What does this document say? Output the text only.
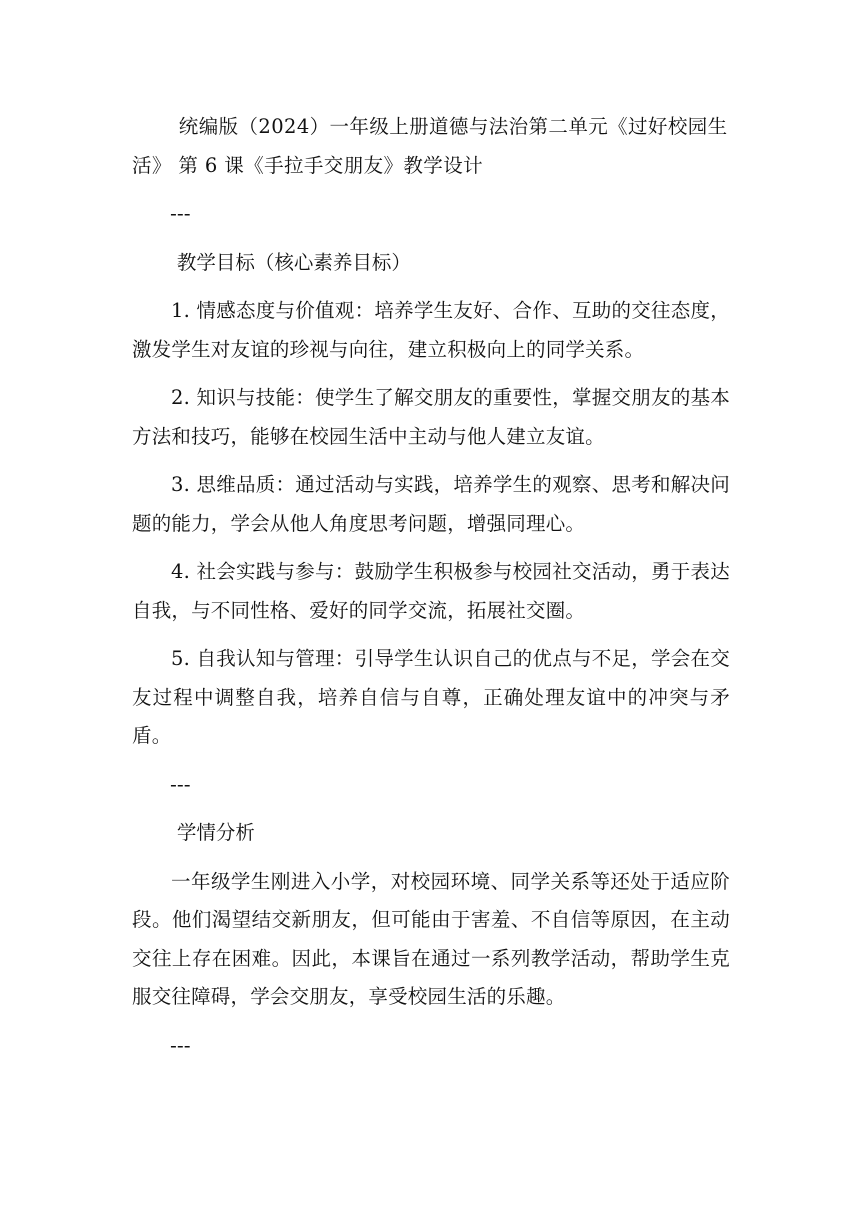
统编版（2024）一年级上册道德与法治第二单元《过好校园生活》 第 6 课《手拉手交朋友》教学设计

---

教学目标（核心素养目标）

1. 情感态度与价值观：培养学生友好、合作、互助的交往态度，激发学生对友谊的珍视与向往，建立积极向上的同学关系。

2. 知识与技能：使学生了解交朋友的重要性，掌握交朋友的基本方法和技巧，能够在校园生活中主动与他人建立友谊。

3. 思维品质：通过活动与实践，培养学生的观察、思考和解决问题的能力，学会从他人角度思考问题，增强同理心。

4. 社会实践与参与：鼓励学生积极参与校园社交活动，勇于表达自我，与不同性格、爱好的同学交流，拓展社交圈。

5. 自我认知与管理：引导学生认识自己的优点与不足，学会在交友过程中调整自我，培养自信与自尊，正确处理友谊中的冲突与矛盾。

---

学情分析

一年级学生刚进入小学，对校园环境、同学关系等还处于适应阶段。他们渴望结交新朋友，但可能由于害羞、不自信等原因，在主动交往上存在困难。因此，本课旨在通过一系列教学活动，帮助学生克服交往障碍，学会交朋友，享受校园生活的乐趣。

---
